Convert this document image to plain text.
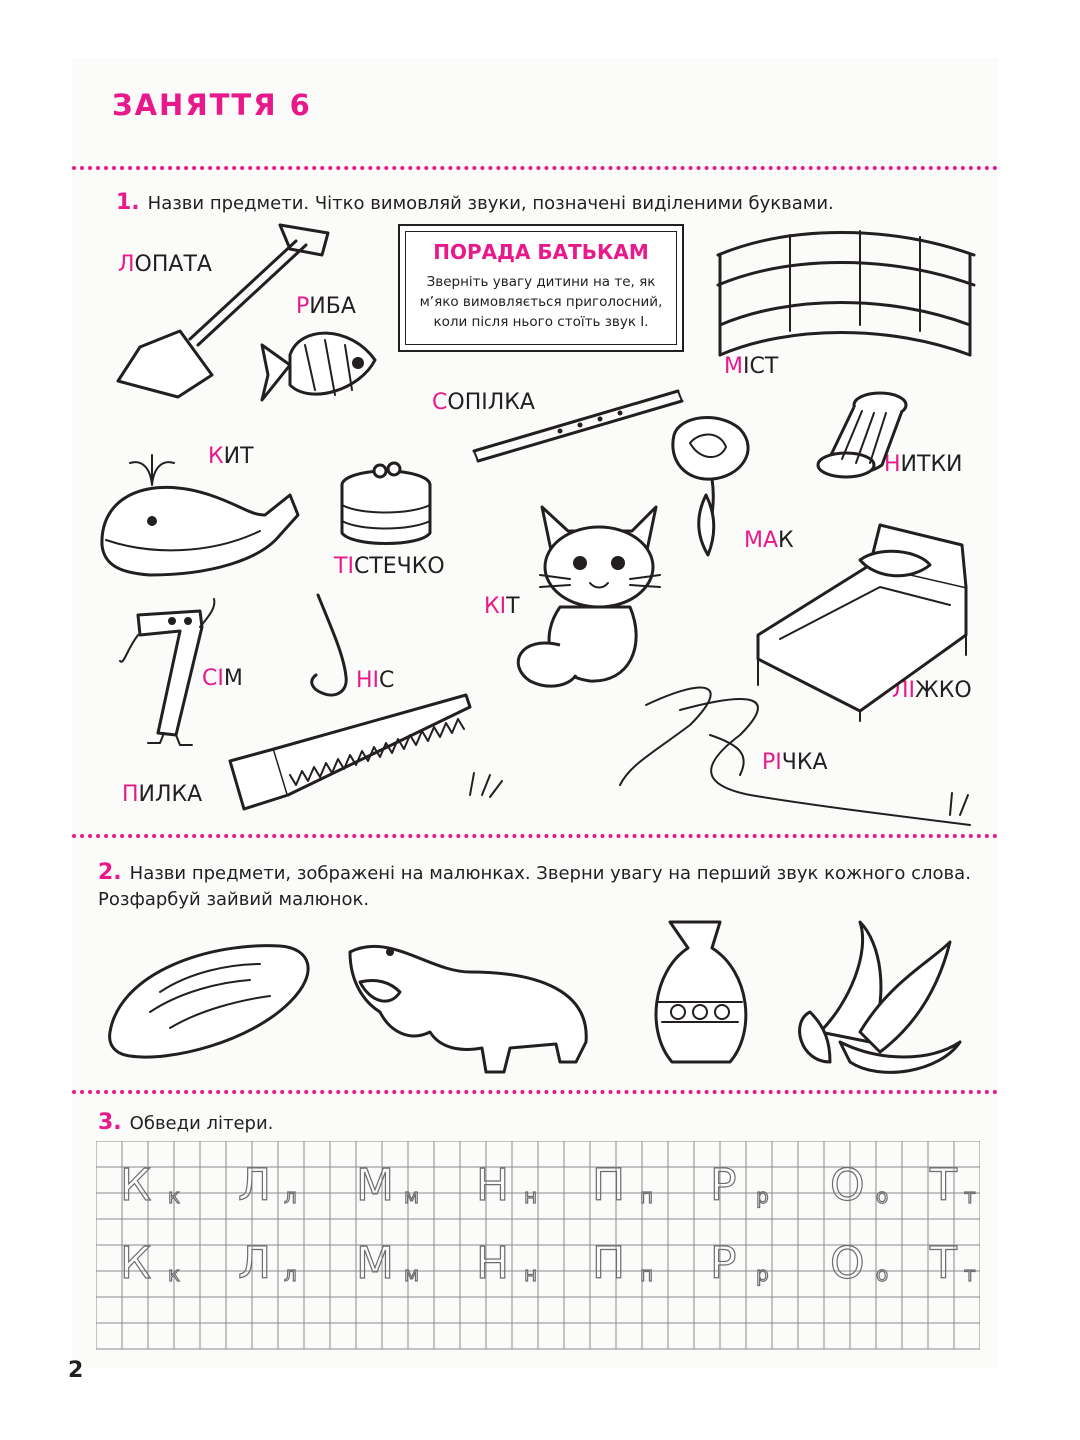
ЗАНЯТТЯ 6
1. Назви предмети. Чітко вимовляй звуки, позначені виділеними буквами.
ПОРАДА БАТЬКАМ
Зверніть увагу дитини на те, як
м’яко вимовляється приголосний,
коли після нього стоїть звук І.
ЛОПАТА
РИБА
МІСТ
СОПІЛКА
КИТ	НИТКИ
МАК
ТІСТЕЧКО
КІТ
СІМ	НІС	ЛІЖКО
РІЧКА
ПИЛКА
2. Назви предмети, зображені на малюнках. Зверни увагу на перший звук кожного слова.
Розфарбуй зайвий малюнок.
3. Обведи літери.
К к Л л М м Н н П п Р р О о Т т
К к Л л М м Н н П п Р р О о Т т
2
